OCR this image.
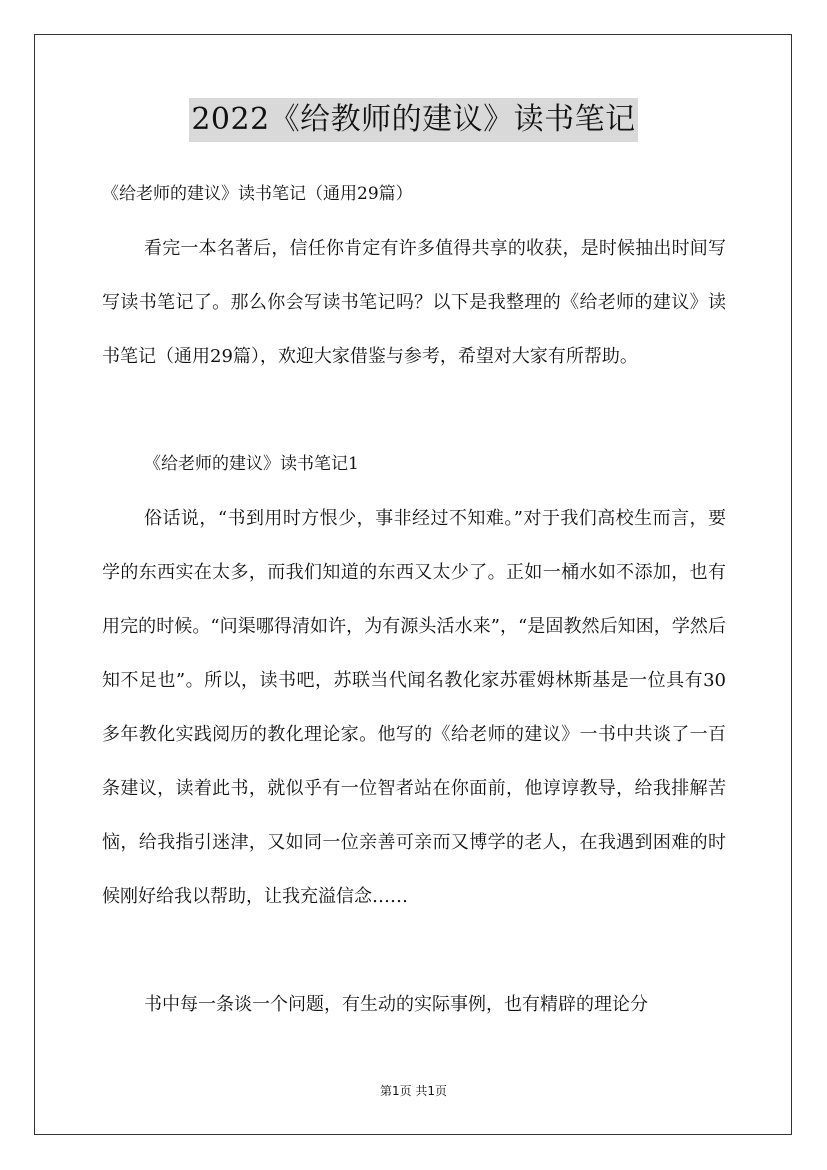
2022《给教师的建议》读书笔记
《给老师的建议》读书笔记（通用29篇）

看完一本名著后，信任你肯定有许多值得共享的收获，是时候抽出时间写写读书笔记了。那么你会写读书笔记吗？以下是我整理的《给老师的建议》读书笔记（通用29篇），欢迎大家借鉴与参考，希望对大家有所帮助。

《给老师的建议》读书笔记1

俗话说，“书到用时方恨少，事非经过不知难。”对于我们高校生而言，要学的东西实在太多，而我们知道的东西又太少了。正如一桶水如不添加，也有用完的时候。“问渠哪得清如许，为有源头活水来”，“是固教然后知困，学然后知不足也”。所以，读书吧，苏联当代闻名教化家苏霍姆林斯基是一位具有30多年教化实践阅历的教化理论家。他写的《给老师的建议》一书中共谈了一百条建议，读着此书，就似乎有一位智者站在你面前，他谆谆教导，给我排解苦恼，给我指引迷津，又如同一位亲善可亲而又博学的老人，在我遇到困难的时候刚好给我以帮助，让我充溢信念……

书中每一条谈一个问题，有生动的实际事例，也有精辟的理论分

第1页 共1页
